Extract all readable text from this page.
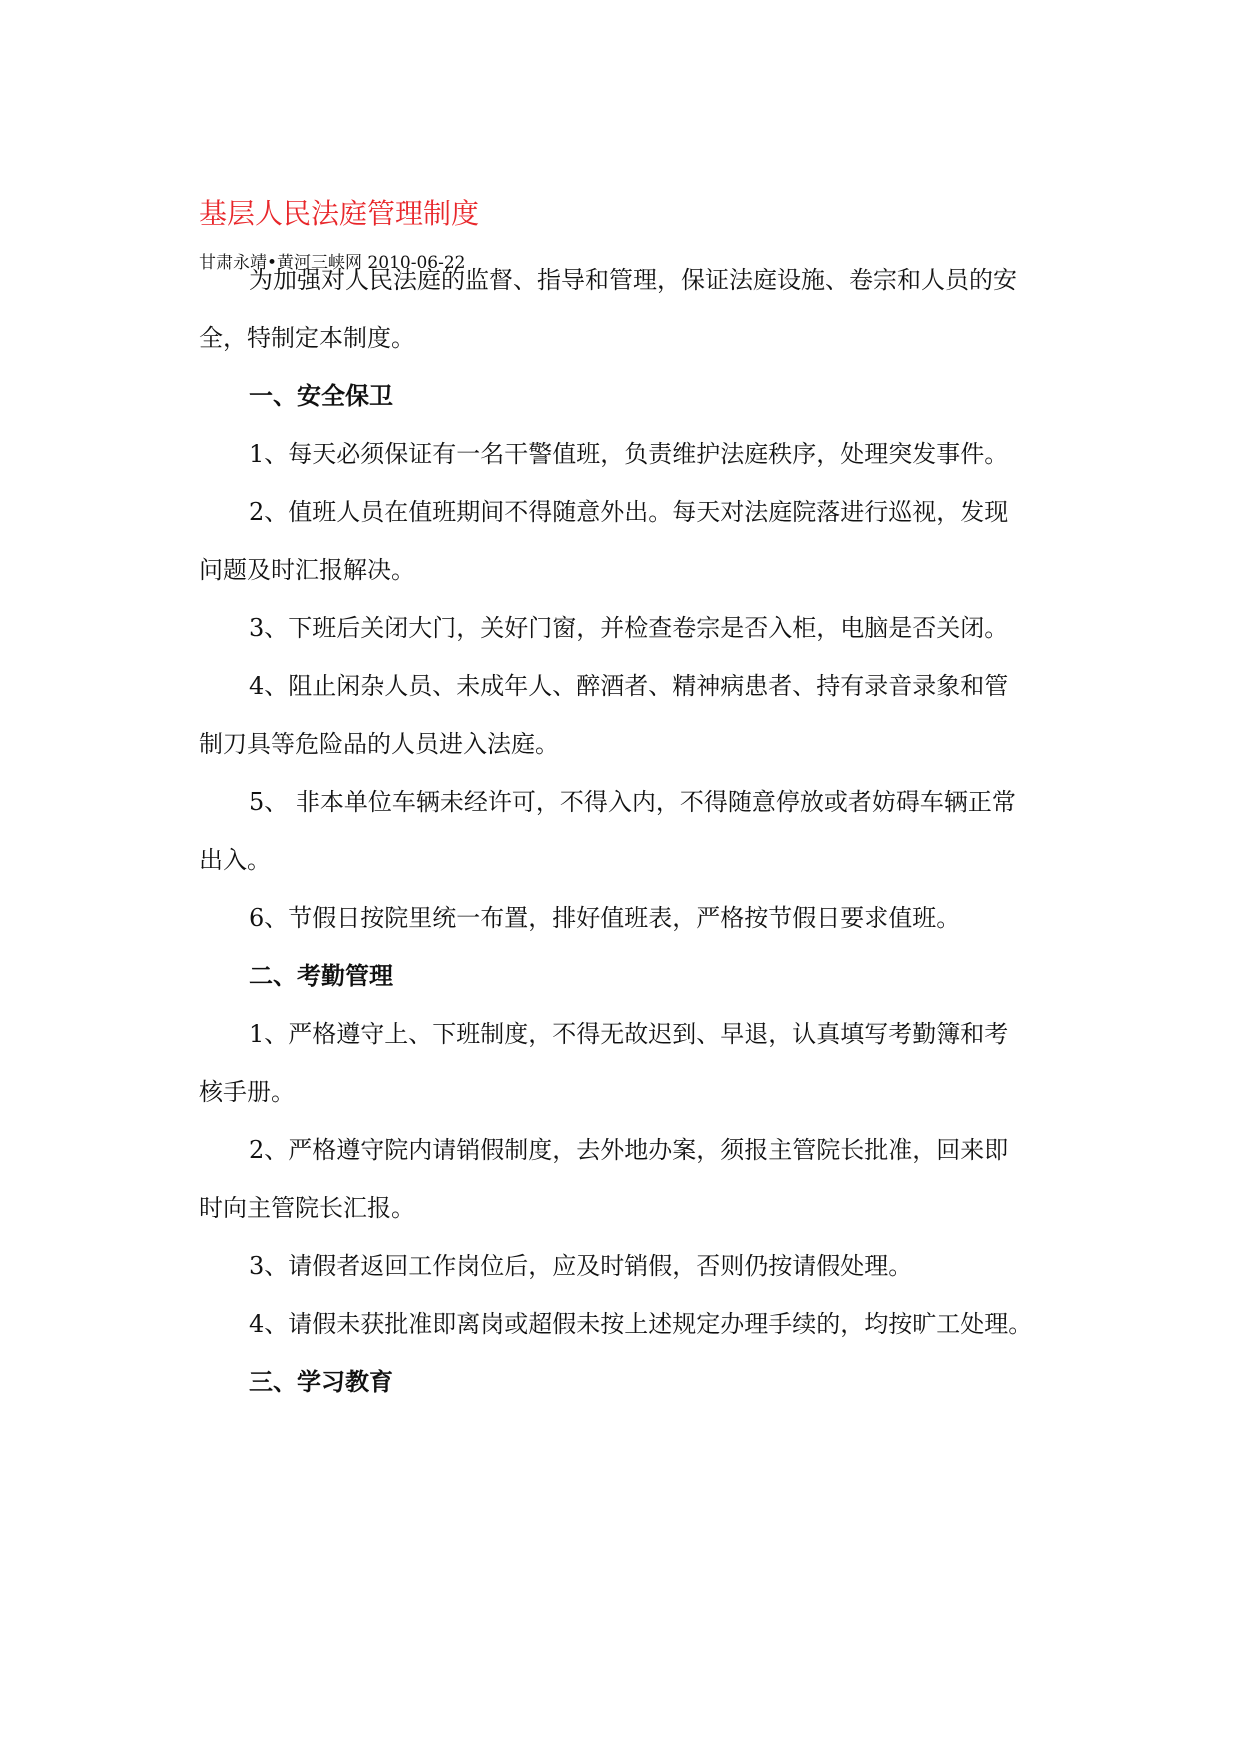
基层人民法庭管理制度
甘肃永靖•黄河三峡网 2010-06-22
为加强对人民法庭的监督、指导和管理，保证法庭设施、卷宗和人员的安
全，特制定本制度。
一、安全保卫
1、每天必须保证有一名干警值班，负责维护法庭秩序，处理突发事件。
2、值班人员在值班期间不得随意外出。每天对法庭院落进行巡视，发现
问题及时汇报解决。
3、下班后关闭大门，关好门窗，并检查卷宗是否入柜，电脑是否关闭。
4、阻止闲杂人员、未成年人、醉酒者、精神病患者、持有录音录象和管
制刀具等危险品的人员进入法庭。
5、 非本单位车辆未经许可，不得入内，不得随意停放或者妨碍车辆正常
出入。
6、节假日按院里统一布置，排好值班表，严格按节假日要求值班。
二、考勤管理
1、严格遵守上、下班制度，不得无故迟到、早退，认真填写考勤簿和考
核手册。
2、严格遵守院内请销假制度，去外地办案，须报主管院长批准，回来即
时向主管院长汇报。
3、请假者返回工作岗位后，应及时销假，否则仍按请假处理。
4、请假未获批准即离岗或超假未按上述规定办理手续的，均按旷工处理。
三、学习教育
